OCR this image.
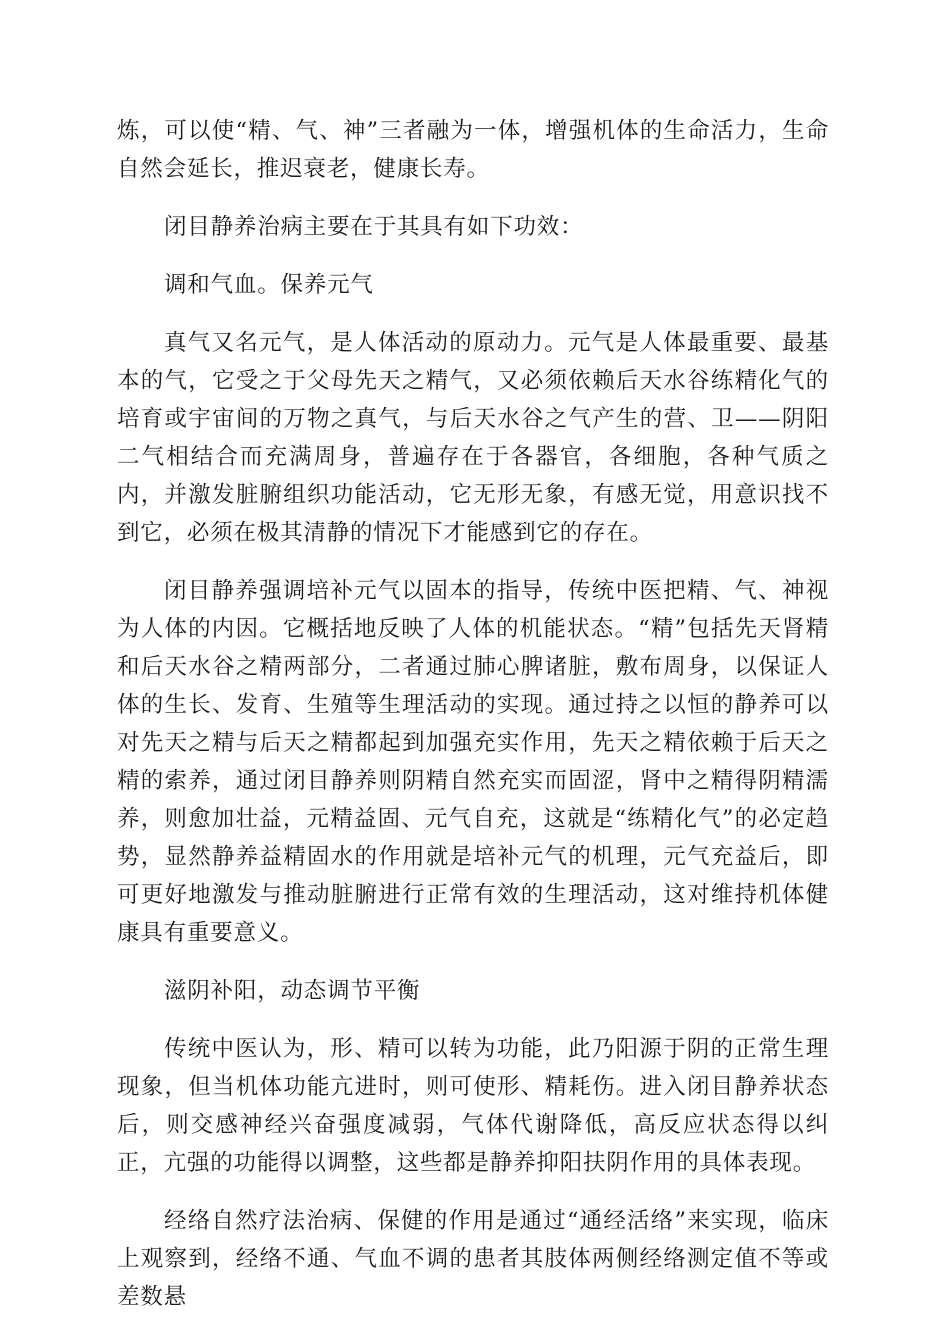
炼，可以使“精、气、神”三者融为一体，增强机体的生命活力，生命自然会延长，推迟衰老，健康长寿。

闭目静养治病主要在于其具有如下功效：

调和气血。保养元气

真气又名元气，是人体活动的原动力。元气是人体最重要、最基本的气，它受之于父母先天之精气，又必须依赖后天水谷练精化气的培育或宇宙间的万物之真气，与后天水谷之气产生的营、卫——阴阳二气相结合而充满周身，普遍存在于各器官，各细胞，各种气质之内，并激发脏腑组织功能活动，它无形无象，有感无觉，用意识找不到它，必须在极其清静的情况下才能感到它的存在。

闭目静养强调培补元气以固本的指导，传统中医把精、气、神视为人体的内因。它概括地反映了人体的机能状态。“精”包括先天肾精和后天水谷之精两部分，二者通过肺心脾诸脏，敷布周身，以保证人体的生长、发育、生殖等生理活动的实现。通过持之以恒的静养可以对先天之精与后天之精都起到加强充实作用，先天之精依赖于后天之精的索养，通过闭目静养则阴精自然充实而固涩，肾中之精得阴精濡养，则愈加壮益，元精益固、元气自充，这就是“练精化气”的必定趋势，显然静养益精固水的作用就是培补元气的机理，元气充益后，即可更好地激发与推动脏腑进行正常有效的生理活动，这对维持机体健康具有重要意义。

滋阴补阳，动态调节平衡

传统中医认为，形、精可以转为功能，此乃阳源于阴的正常生理现象，但当机体功能亢进时，则可使形、精耗伤。进入闭目静养状态后，则交感神经兴奋强度减弱，气体代谢降低，高反应状态得以纠正，亢强的功能得以调整，这些都是静养抑阳扶阴作用的具体表现。

经络自然疗法治病、保健的作用是通过“通经活络”来实现，临床上观察到，经络不通、气血不调的患者其肢体两侧经络测定值不等或差数悬
